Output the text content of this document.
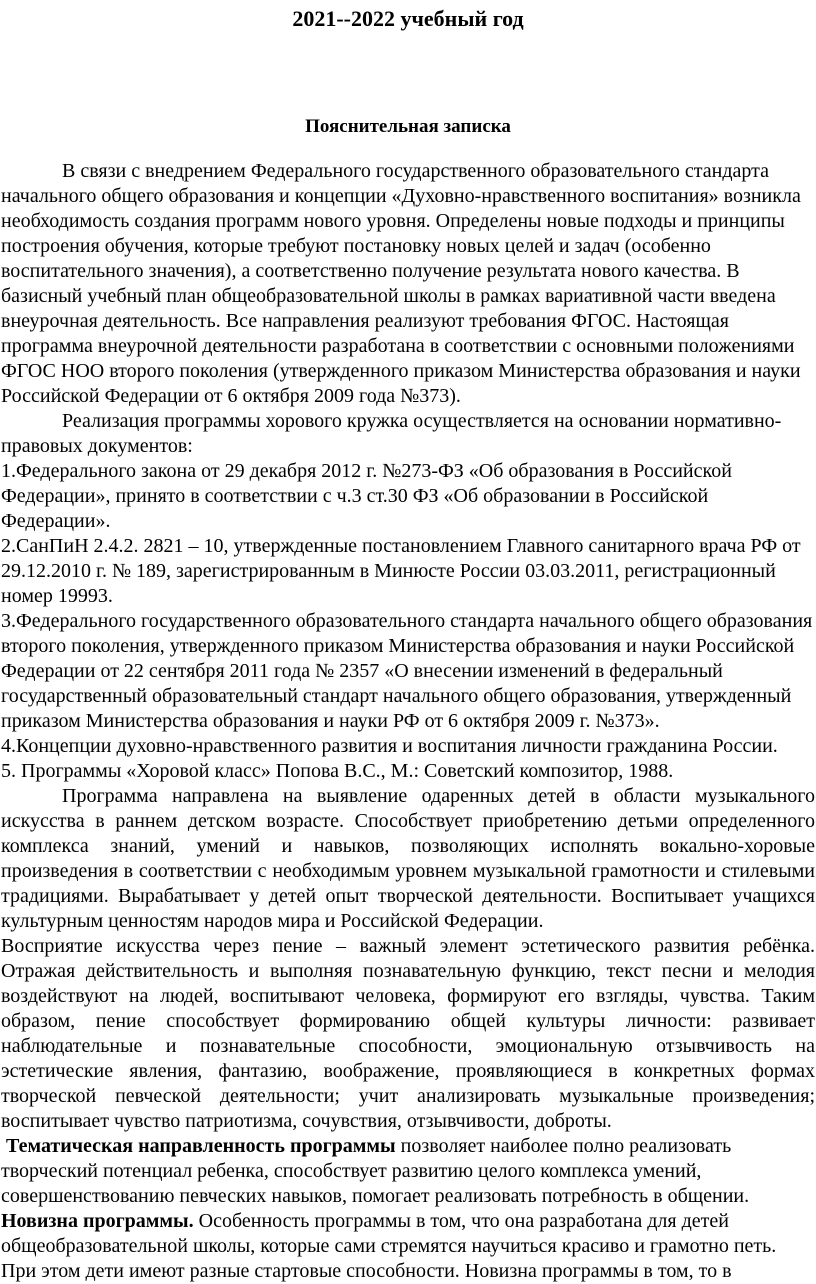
2021--2022 учебный год
Пояснительная записка

В связи с внедрением Федерального государственного образовательного стандарта начального общего образования и концепции «Духовно-нравственного воспитания» возникла необходимость создания программ нового уровня. Определены новые подходы и принципы построения обучения, которые требуют постановку новых целей и задач (особенно воспитательного значения), а соответственно получение результата нового качества. В базисный учебный план общеобразовательной школы в рамках вариативной части введена внеурочная деятельность. Все направления реализуют требования ФГОС. Настоящая программа внеурочной деятельности разработана в соответствии с основными положениями ФГОС НОО второго поколения (утвержденного приказом Министерства образования и науки Российской Федерации от 6 октября 2009 года №373).

Реализация программы хорового кружка осуществляется на основании нормативно-правовых документов:

1.Федерального закона от 29 декабря 2012 г. №273-ФЗ «Об образования в Российской Федерации», принято в соответствии с ч.3 ст.30 ФЗ «Об образовании в Российской Федерации».

2.СанПиН 2.4.2. 2821 – 10, утвержденные постановлением Главного санитарного врача РФ от 29.12.2010 г. № 189, зарегистрированным в Минюсте России 03.03.2011, регистрационный номер 19993.

3.Федерального государственного образовательного стандарта начального общего образования второго поколения, утвержденного приказом Министерства образования и науки Российской Федерации от 22 сентября 2011 года № 2357 «О внесении изменений в федеральный государственный образовательный стандарт начального общего образования, утвержденный приказом Министерства образования и науки РФ от 6 октября 2009 г. №373».

4.Концепции духовно-нравственного развития и воспитания личности гражданина России.

5. Программы «Хоровой класс» Попова В.С., М.: Советский композитор, 1988.

Программа направлена на выявление одаренных детей в области музыкального искусства в раннем детском возрасте. Способствует приобретению детьми определенного комплекса знаний, умений и навыков, позволяющих исполнять вокально-хоровые произведения в соответствии с необходимым уровнем музыкальной грамотности и стилевыми традициями. Вырабатывает у детей опыт творческой деятельности. Воспитывает учащихся культурным ценностям народов мира и Российской Федерации.

Восприятие искусства через пение – важный элемент эстетического развития ребёнка. Отражая действительность и выполняя познавательную функцию, текст песни и мелодия воздействуют на людей, воспитывают человека, формируют его взгляды, чувства. Таким образом, пение способствует формированию общей культуры личности: развивает наблюдательные и познавательные способности, эмоциональную отзывчивость на эстетические явления, фантазию, воображение, проявляющиеся в конкретных формах творческой певческой деятельности; учит анализировать музыкальные произведения; воспитывает чувство патриотизма, сочувствия, отзывчивости, доброты.

Тематическая направленность программы позволяет наиболее полно реализовать творческий потенциал ребенка, способствует развитию целого комплекса умений, совершенствованию певческих навыков, помогает реализовать потребность в общении.

Новизна программы. Особенность программы в том, что она разработана для детей общеобразовательной школы, которые сами стремятся научиться красиво и грамотно петь. При этом дети имеют разные стартовые способности. Новизна программы в том, то в
